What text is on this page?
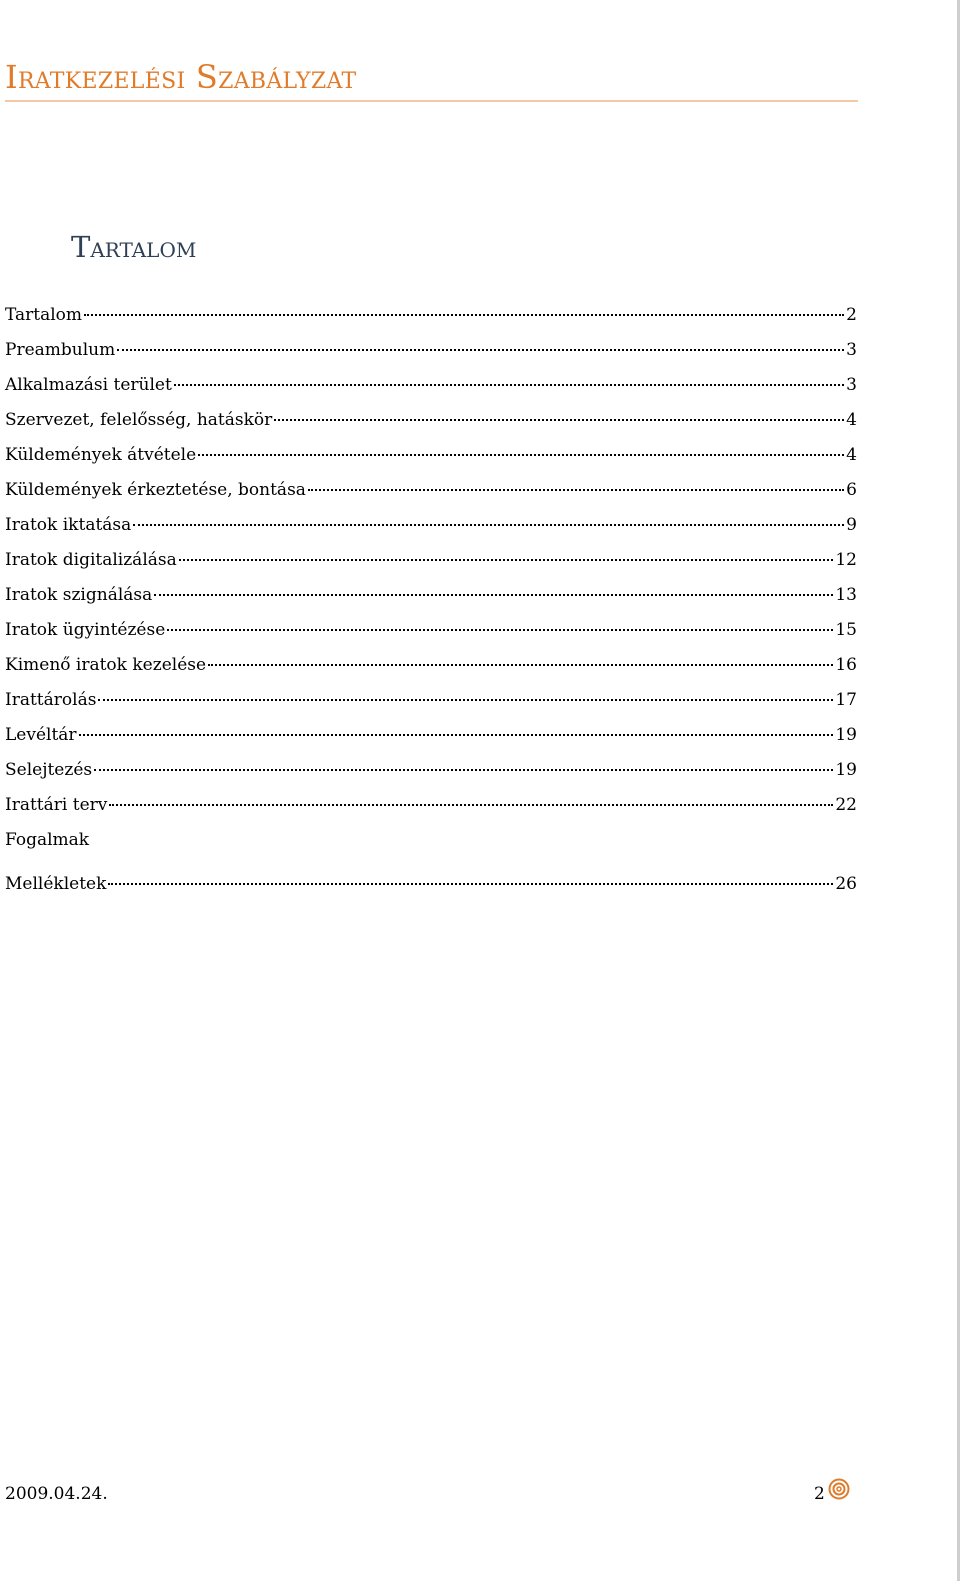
Iratkezelési Szabályzat
Tartalom
Tartalom	2
Preambulum	3
Alkalmazási terület	3
Szervezet, felelősség, hatáskör	4
Küldemények átvétele	4
Küldemények érkeztetése, bontása	6
Iratok iktatása	9
Iratok digitalizálása	12
Iratok szignálása	13
Iratok ügyintézése	15
Kimenő iratok kezelése	16
Irattárolás	17
Levéltár	19
Selejtezés	19
Irattári terv	22
Fogalmak
Mellékletek	26
2009.04.24.	2
